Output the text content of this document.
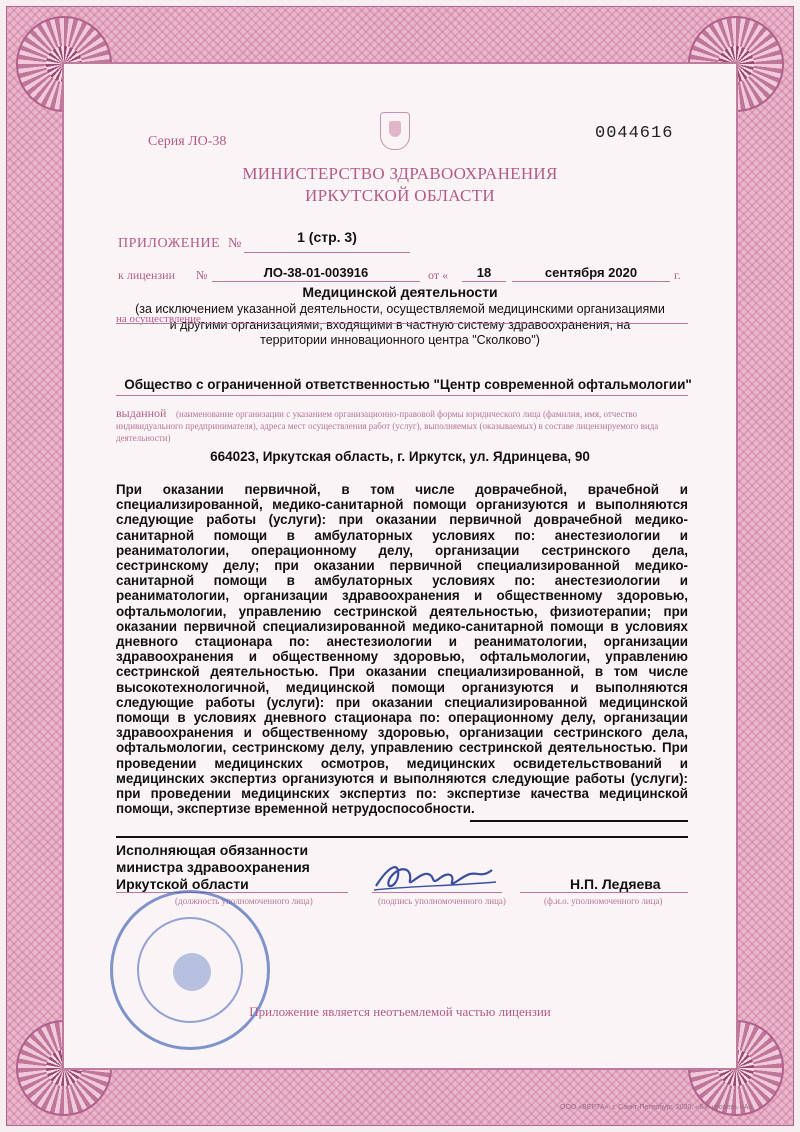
Серия ЛО-38	0044616
МИНИСТЕРСТВО ЗДРАВООХРАНЕНИЯ
ИРКУТСКОЙ ОБЛАСТИ
ПРИЛОЖЕНИЕ №	1 (стр. 3)
к лицензии №	ЛО-38-01-003916	от «	18	сентября 2020	г.
Медицинской деятельности
на осуществление
(за исключением указанной деятельности, осуществляемой медицинскими организациями
и другими организациями, входящими в частную систему здравоохранения, на
территории инновационного центра "Сколково")
Общество с ограниченной ответственностью "Центр современной офтальмологии"
выданной (наименование организации с указанием организационно-правовой формы юридического лица (фамилия, имя, отчество
индивидуального предпринимателя), адреса мест осуществления работ (услуг), выполняемых (оказываемых) в составе лицензируемого вида
деятельности)
664023, Иркутская область, г. Иркутск, ул. Ядринцева, 90
При оказании первичной, в том числе доврачебной, врачебной и специализированной, медико-санитарной помощи организуются и выполняются следующие работы (услуги): при оказании первичной доврачебной медико-санитарной помощи в амбулаторных условиях по: анестезиологии и реаниматологии, операционному делу, организации сестринского дела, сестринскому делу; при оказании первичной специализированной медико-санитарной помощи в амбулаторных условиях по: анестезиологии и реаниматологии, организации здравоохранения и общественному здоровью, офтальмологии, управлению сестринской деятельностью, физиотерапии; при оказании первичной специализированной медико-санитарной помощи в условиях дневного стационара по: анестезиологии и реаниматологии, организации здравоохранения и общественному здоровью, офтальмологии, управлению сестринской деятельностью. При оказании специализированной, в том числе высокотехнологичной, медицинской помощи организуются и выполняются следующие работы (услуги): при оказании специализированной медицинской помощи в условиях дневного стационара по: операционному делу, организации здравоохранения и общественному здоровью, организации сестринского дела, офтальмологии, сестринскому делу, управлению сестринской деятельностью. При проведении медицинских осмотров, медицинских освидетельствований и медицинских экспертиз организуются и выполняются следующие работы (услуги): при проведении медицинских экспертиз по: экспертизе качества медицинской помощи, экспертизе временной нетрудоспособности.
Исполняющая обязанности
министра здравоохранения
Иркутской области
(должность уполномоченного лица)	(подпись уполномоченного лица)
Н.П. Ледяева
(ф.и.о. уполномоченного лица)
Приложение является неотъемлемой частью лицензии
ООО «ВЕРТА», г. Санкт-Петербург, 2020, «Б», уровень «А»
